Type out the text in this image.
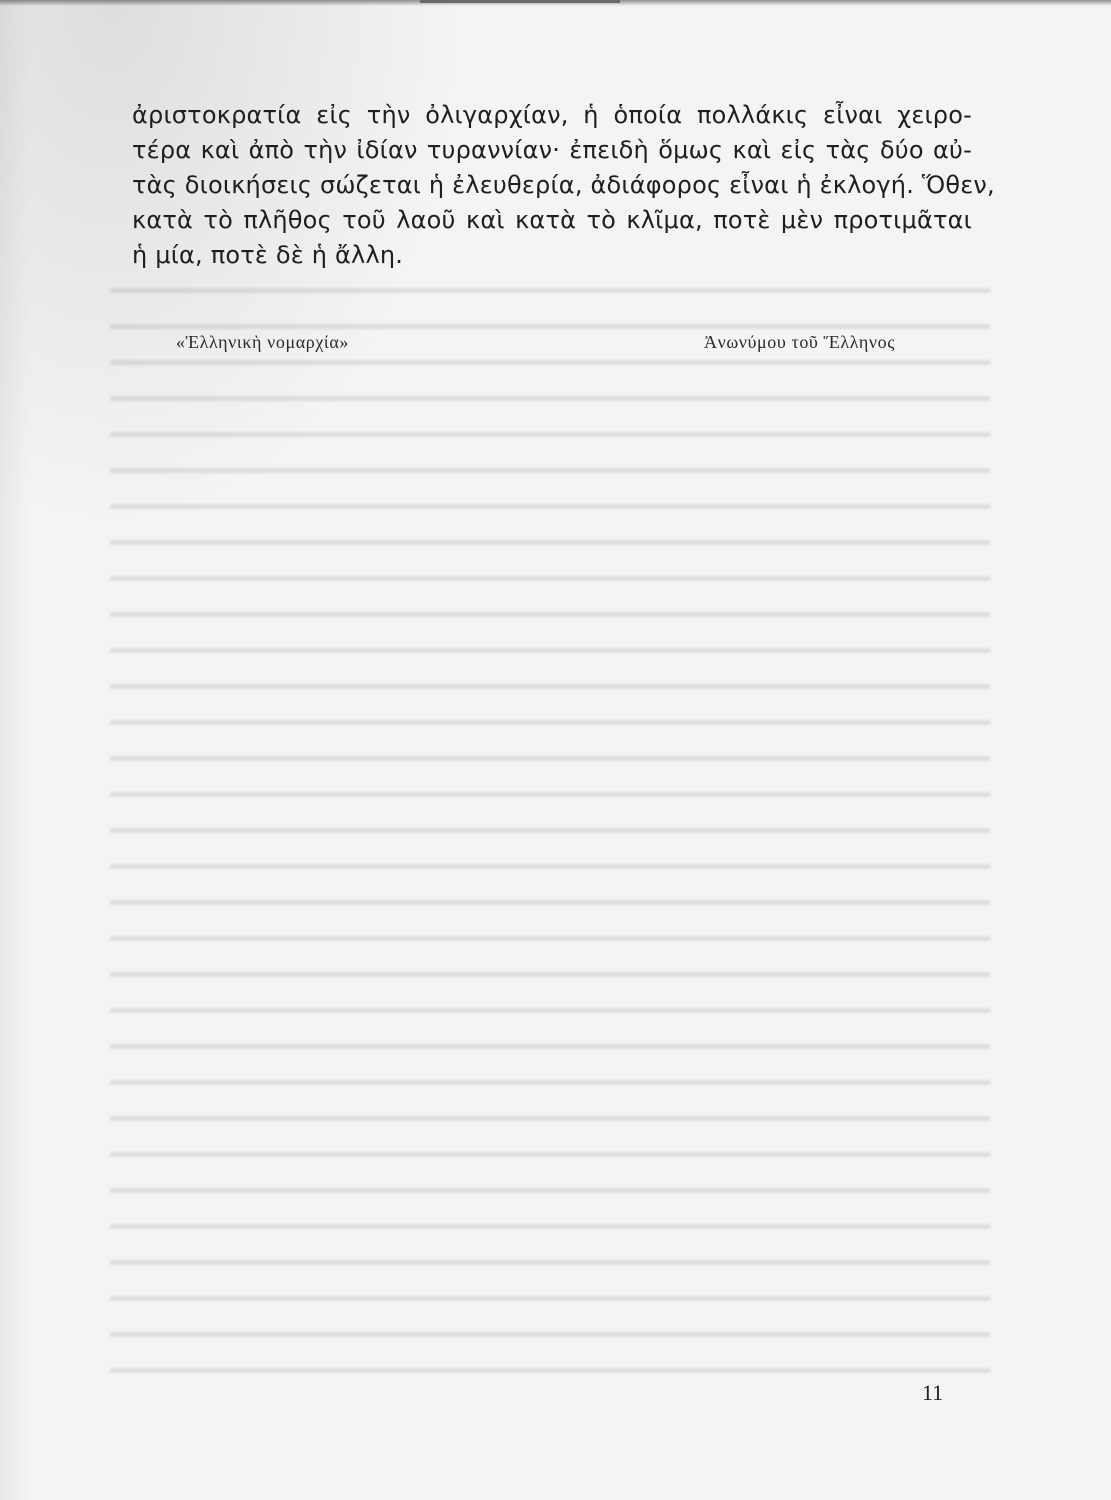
ἀριστοκρατία εἰς τὴν ὀλιγαρχίαν, ἡ ὁποία πολλάκις εἶναι χειρο-
τέρα καὶ ἀπὸ τὴν ἰδίαν τυραννίαν· ἐπειδὴ ὅμως καὶ εἰς τὰς δύο αὐ-
τὰς διοικήσεις σώζεται ἡ ἐλευθερία, ἀδιάφορος εἶναι ἡ ἐκλογή. Ὅθεν,
κατὰ τὸ πλῆθος τοῦ λαοῦ καὶ κατὰ τὸ κλῖμα, ποτὲ μὲν προτιμᾶται
ἡ μία, ποτὲ δὲ ἡ ἄλλη.

«Ἑλληνικὴ νομαρχία»	Ἀνωνύμου τοῦ Ἕλληνος
11
